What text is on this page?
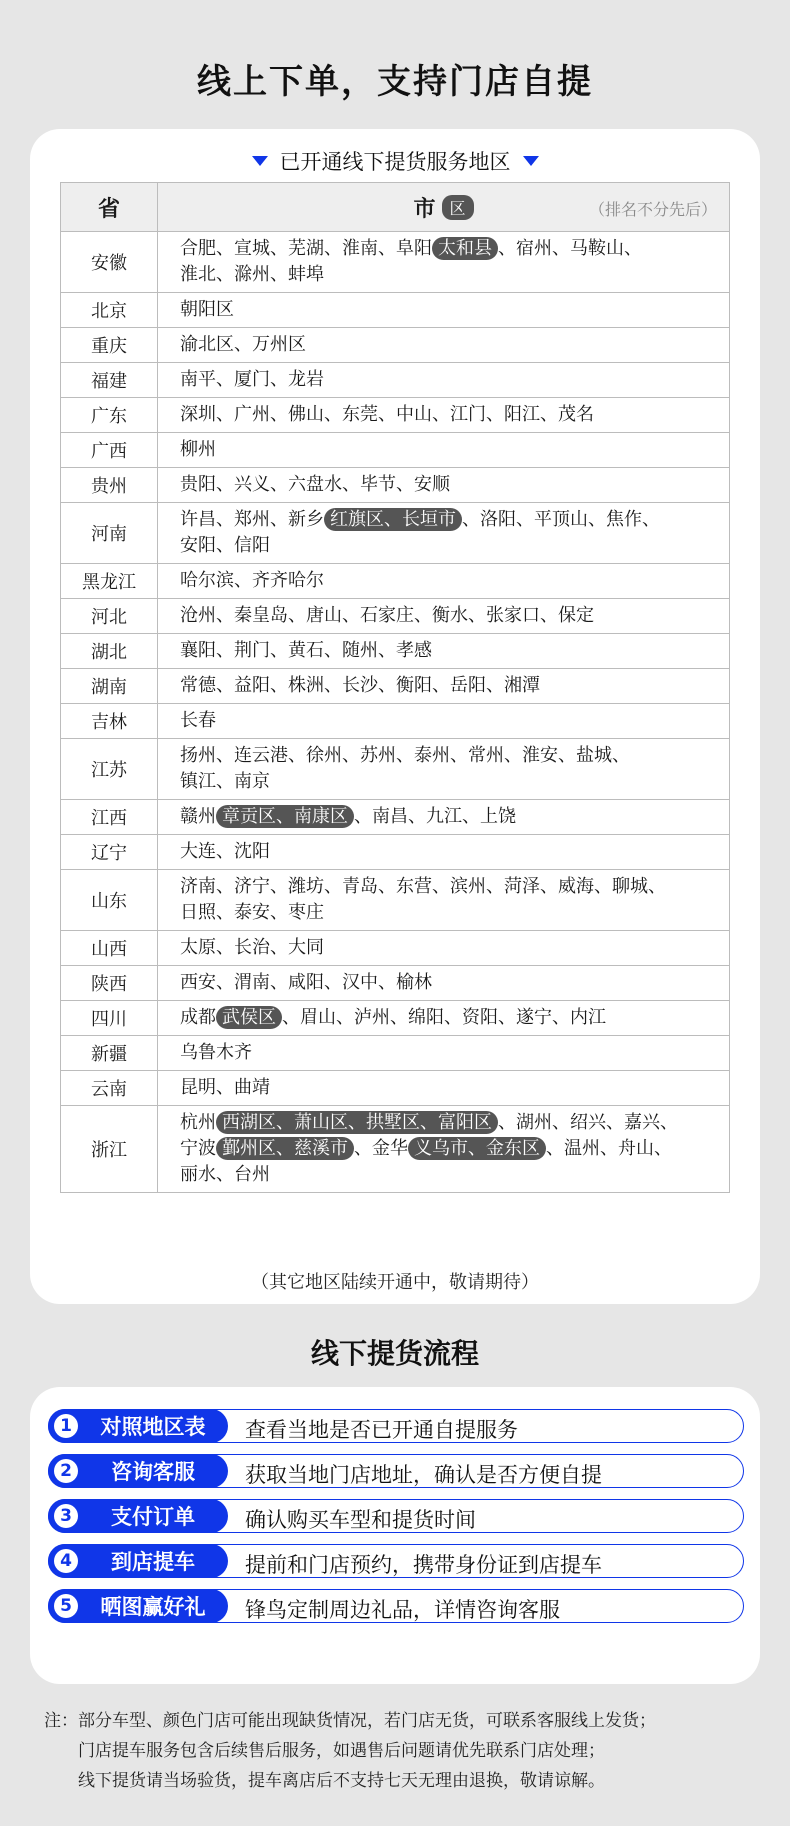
线上下单，支持门店自提
已开通线下提货服务地区
省	市 区 （排名不分先后）

安徽	合肥、宣城、芜湖、淮南、阜阳 太和县 、宿州、马鞍山、
淮北、滁州、蚌埠
北京	朝阳区
重庆	渝北区、万州区
福建	南平、厦门、龙岩
广东	深圳、广州、佛山、东莞、中山、江门、阳江、茂名
广西	柳州
贵州	贵阳、兴义、六盘水、毕节、安顺
河南	许昌、郑州、新乡 红旗区、长垣市 、洛阳、平顶山、焦作、
安阳、信阳
黑龙江	哈尔滨、齐齐哈尔
河北	沧州、秦皇岛、唐山、石家庄、衡水、张家口、保定
湖北	襄阳、荆门、黄石、随州、孝感
湖南	常德、益阳、株洲、长沙、衡阳、岳阳、湘潭
吉林	长春
江苏	扬州、连云港、徐州、苏州、泰州、常州、淮安、盐城、
镇江、南京
江西	赣州 章贡区、南康区 、南昌、九江、上饶
辽宁	大连、沈阳
山东	济南、济宁、潍坊、青岛、东营、滨州、菏泽、威海、聊城、
日照、泰安、枣庄
山西	太原、长治、大同
陕西	西安、渭南、咸阳、汉中、榆林
四川	成都 武侯区 、眉山、泸州、绵阳、资阳、遂宁、内江
新疆	乌鲁木齐
云南	昆明、曲靖
浙江	杭州 西湖区、萧山区、拱墅区、富阳区 、湖州、绍兴、嘉兴、
宁波 鄞州区、慈溪市 、金华 义乌市、金东区 、温州、舟山、
丽水、台州
（其它地区陆续开通中，敬请期待）
线下提货流程
1	对照地区表	查看当地是否已开通自提服务
2	咨询客服	获取当地门店地址，确认是否方便自提
3	支付订单	确认购买车型和提货时间
4	到店提车	提前和门店预约，携带身份证到店提车
5	晒图赢好礼	锋鸟定制周边礼品，详情咨询客服
注：部分车型、颜色门店可能出现缺货情况，若门店无货，可联系客服线上发货；
门店提车服务包含后续售后服务，如遇售后问题请优先联系门店处理；
线下提货请当场验货，提车离店后不支持七天无理由退换，敬请谅解。
